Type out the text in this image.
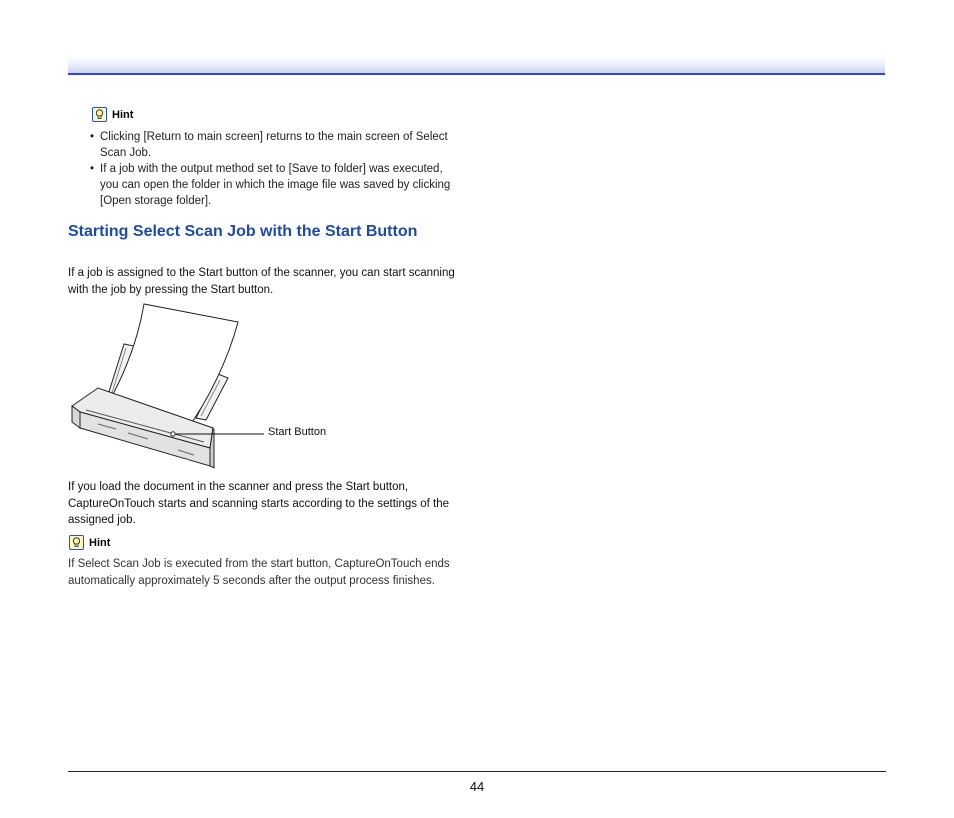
Hint
• Clicking [Return to main screen] returns to the main screen of Select Scan Job.
• If a job with the output method set to [Save to folder] was executed, you can open the folder in which the image file was saved by clicking [Open storage folder].
Starting Select Scan Job with the Start Button

If a job is assigned to the Start button of the scanner, you can start scanning with the job by pressing the Start button.

Start Button

If you load the document in the scanner and press the Start button, CaptureOnTouch starts and scanning starts according to the settings of the assigned job.

Hint

If Select Scan Job is executed from the start button, CaptureOnTouch ends automatically approximately 5 seconds after the output process finishes.

44
